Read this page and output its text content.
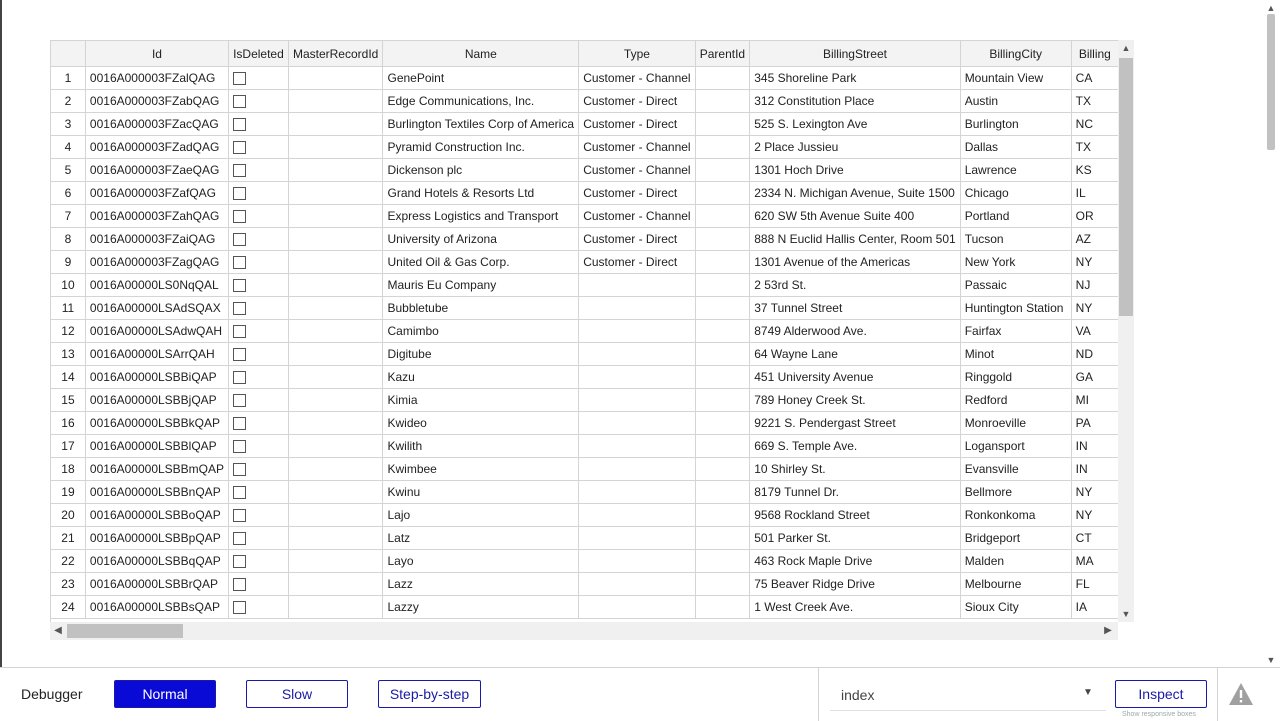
	Id	IsDeleted	MasterRecordId	Name	Type	ParentId	BillingStreet	BillingCity	Billing
1	0016A000003FZalQAG			GenePoint	Customer - Channel		345 Shoreline Park	Mountain View	CA
2	0016A000003FZabQAG			Edge Communications, Inc.	Customer - Direct		312 Constitution Place	Austin	TX
3	0016A000003FZacQAG			Burlington Textiles Corp of America	Customer - Direct		525 S. Lexington Ave	Burlington	NC
4	0016A000003FZadQAG			Pyramid Construction Inc.	Customer - Channel		2 Place Jussieu	Dallas	TX
5	0016A000003FZaeQAG			Dickenson plc	Customer - Channel		1301 Hoch Drive	Lawrence	KS
6	0016A000003FZafQAG			Grand Hotels & Resorts Ltd	Customer - Direct		2334 N. Michigan Avenue, Suite 1500	Chicago	IL
7	0016A000003FZahQAG			Express Logistics and Transport	Customer - Channel		620 SW 5th Avenue Suite 400	Portland	OR
8	0016A000003FZaiQAG			University of Arizona	Customer - Direct		888 N Euclid Hallis Center, Room 501	Tucson	AZ
9	0016A000003FZagQAG			United Oil & Gas Corp.	Customer - Direct		1301 Avenue of the Americas	New York	NY
10	0016A00000LS0NqQAL			Mauris Eu Company			2 53rd St.	Passaic	NJ
11	0016A00000LSAdSQAX			Bubbletube			37 Tunnel Street	Huntington Station	NY
12	0016A00000LSAdwQAH			Camimbo			8749 Alderwood Ave.	Fairfax	VA
13	0016A00000LSArrQAH			Digitube			64 Wayne Lane	Minot	ND
14	0016A00000LSBBiQAP			Kazu			451 University Avenue	Ringgold	GA
15	0016A00000LSBBjQAP			Kimia			789 Honey Creek St.	Redford	MI
16	0016A00000LSBBkQAP			Kwideo			9221 S. Pendergast Street	Monroeville	PA
17	0016A00000LSBBlQAP			Kwilith			669 S. Temple Ave.	Logansport	IN
18	0016A00000LSBBmQAP			Kwimbee			10 Shirley St.	Evansville	IN
19	0016A00000LSBBnQAP			Kwinu			8179 Tunnel Dr.	Bellmore	NY
20	0016A00000LSBBoQAP			Lajo			9568 Rockland Street	Ronkonkoma	NY
21	0016A00000LSBBpQAP			Latz			501 Parker St.	Bridgeport	CT
22	0016A00000LSBBqQAP			Layo			463 Rock Maple Drive	Malden	MA
23	0016A00000LSBBrQAP			Lazz			75 Beaver Ridge Drive	Melbourne	FL
24	0016A00000LSBBsQAP			Lazzy			1 West Creek Ave.	Sioux City	IA
▲
▼
◀	▶
▲
▼
Debugger	Normal	Slow	Step-by-step	index	▼	Inspect
Show responsive boxes
